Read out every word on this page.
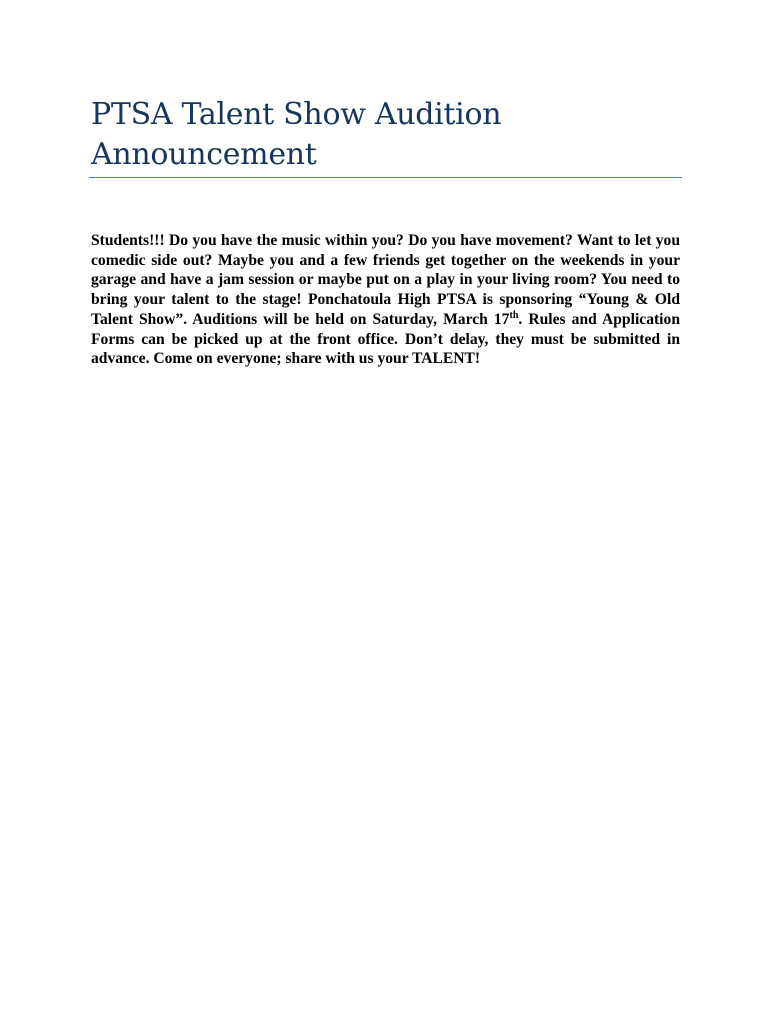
PTSA Talent Show Audition
Announcement

Students!!! Do you have the music within you? Do you have movement? Want to let you comedic side out? Maybe you and a few friends get together on the weekends in your garage and have a jam session or maybe put on a play in your living room? You need to bring your talent to the stage! Ponchatoula High PTSA is sponsoring “Young & Old Talent Show”. Auditions will be held on Saturday, March 17th. Rules and Application Forms can be picked up at the front office. Don’t delay, they must be submitted in advance. Come on everyone; share with us your TALENT!
